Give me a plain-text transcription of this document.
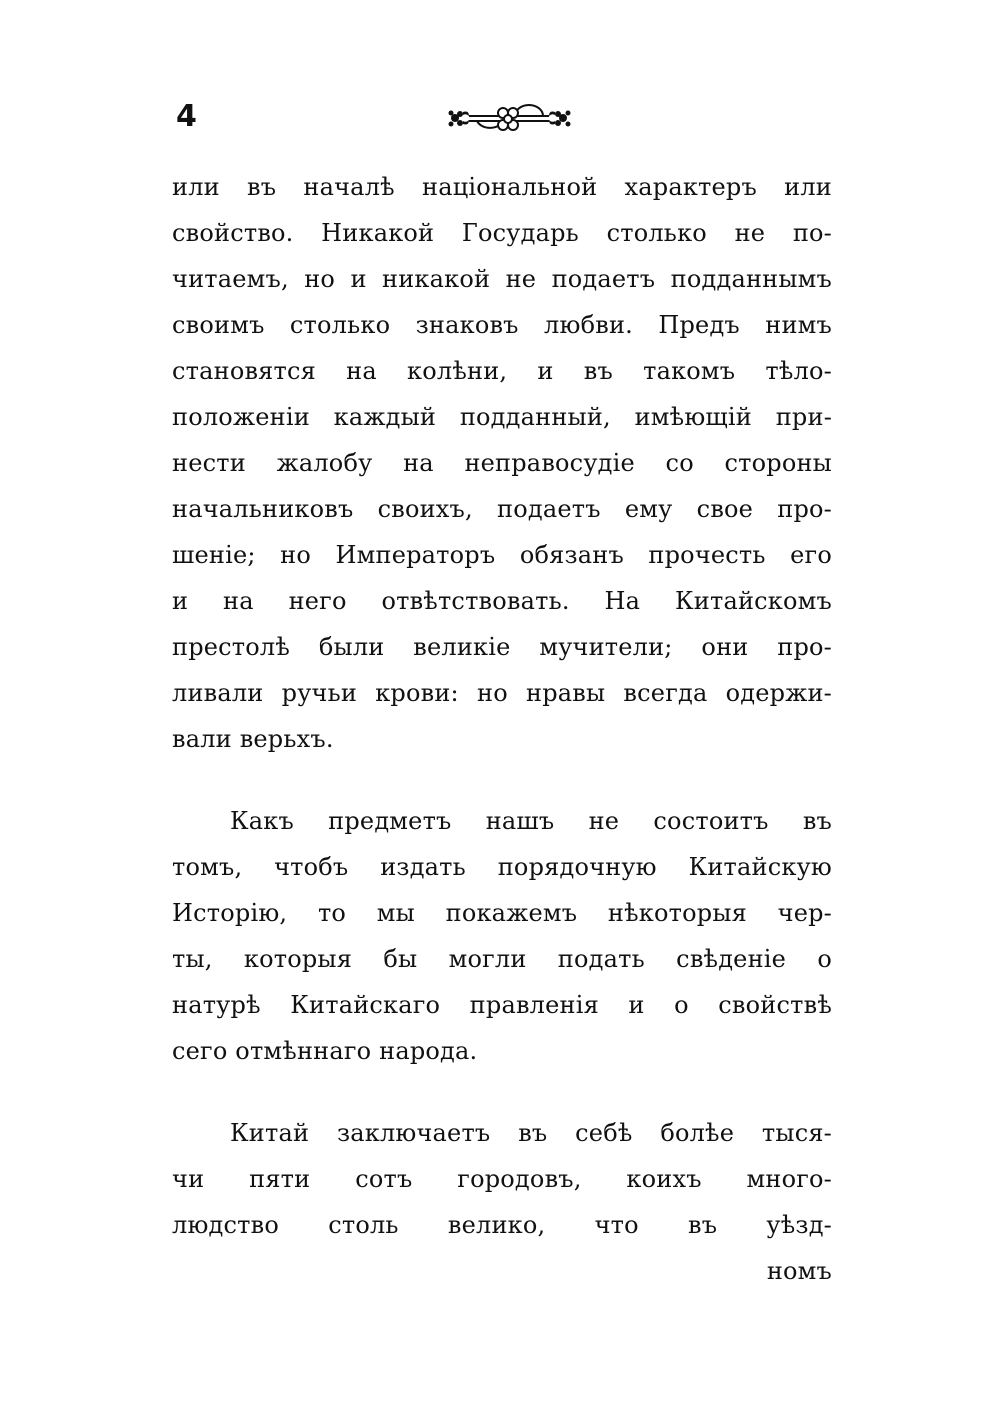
4
или въ началѣ національной характеръ или
свойство. Никакой Государь столько не по-
читаемъ, но и никакой не подаетъ подданнымъ
своимъ столько знаковъ любви. Предъ нимъ
становятся на колѣни, и въ такомъ тѣло-
положеніи каждый подданный, имѣющій при-
нести жалобу на неправосудіе со стороны
начальниковъ своихъ, подаетъ ему свое про-
шеніе; но Императоръ обязанъ прочесть его
и на него отвѣтствовать. На Китайскомъ
престолѣ были великіе мучители; они про-
ливали ручьи крови: но нравы всегда одержи-
вали верьхъ.
Какъ предметъ нашъ не состоитъ въ
томъ, чтобъ издать порядочную Китайскую
Исторію, то мы покажемъ нѣкоторыя чер-
ты, которыя бы могли подать свѣденіе о
натурѣ Китайскаго правленія и о свойствѣ
сего отмѣннаго народа.
Китай заключаетъ въ себѣ болѣе тыся-
чи пяти сотъ городовъ, коихъ много-
людство столь велико, что въ уѣзд-
номъ
